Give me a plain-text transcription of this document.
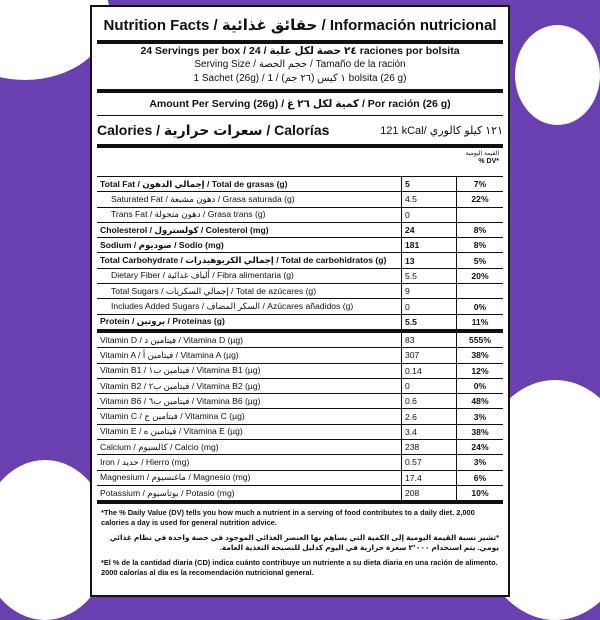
Nutrition Facts / حقائق غذائية / Información nutricional
24 Servings per box / ٢٤ حصة لكل علبة / 24 raciones por bolsita
Serving Size / حجم الحصة / Tamaño de la ración
1 Sachet (26g) / ١ كيس (٢٦ جم) / 1 bolsita (26 g)
Amount Per Serving (26g) / كمية لكل ٢٦ غ / Por ración (26 g)
Calories / سعرات حرارية / Calorías	121 kCal/ ١٢١ كيلو كالوري
القيمة اليومية
% DV*
Total Fat / إجمالي الدهون / Total de grasas (g)	5	7%
Saturated Fat / دهون مشبعة / Grasa saturada (g)	4.5	22%
Trans Fat / دهون متحولة / Grasa trans (g)	0	
Cholesterol / كولسترول / Colesterol (mg)	24	8%
Sodium / صوديوم / Sodio (mg)	181	8%
Total Carbohydrate / إجمالي الكربوهيدرات / Total de carbohidratos (g)	13	5%
Dietary Fiber / ألياف غذائية / Fibra alimentaria (g)	5.5	20%
Total Sugars / إجمالي السكريات / Total de azúcares (g)	9	
Includes Added Sugars / السكر المضاف / Azúcares añadidos (g)	0	0%
Protein / بروتين / Proteínas (g)	5.5	11%
Vitamin D / فيتامين د / Vitamina D (µg)	83	555%
Vitamin A / فيتامين أ / Vitamina A (µg)	307	38%
Vitamin B1 / فيتامين ب١ / Vitamina B1 (µg)	0.14	12%
Vitamin B2 / فيتامين ب٢ / Vitamina B2 (µg)	0	0%
Vitamin B6 / فيتامين ب٦ / Vitamina B6 (µg)	0.6	48%
Vitamin C / فيتامين ج / Vitamina C (µg)	2.6	3%
Vitamin E / فيتامين ه / Vitamina E (µg)	3.4	38%
Calcium / كالسيوم / Calcio (mg)	238	24%
Iron / حديد / Hierro (mg)	0.57	3%
Magnesium / ماغنسيوم / Magnesio (mg)	17.4	6%
Potassium / بوتاسيوم / Potasio (mg)	208	10%

*The % Daily Value (DV) tells you how much a nutrient in a serving of food contributes to a daily diet. 2,000 calories a day is used for general nutrition advice.

*تشير نسبة القيمة اليومية إلى الكمية التي يساهم بها العنصر الغذائي الموجود في حصة واحدة في نظام غذائي يومي. يتم استخدام ٢٬٠٠٠ سعرة حرارية في اليوم كدليل للنصيحة التغذية العامة.

*El % de la cantidad diaria (CD) indica cuánto contribuye un nutriente a su dieta diaria en una ración de alimento. 2000 calorías al día es la recomendación nutricional general.
